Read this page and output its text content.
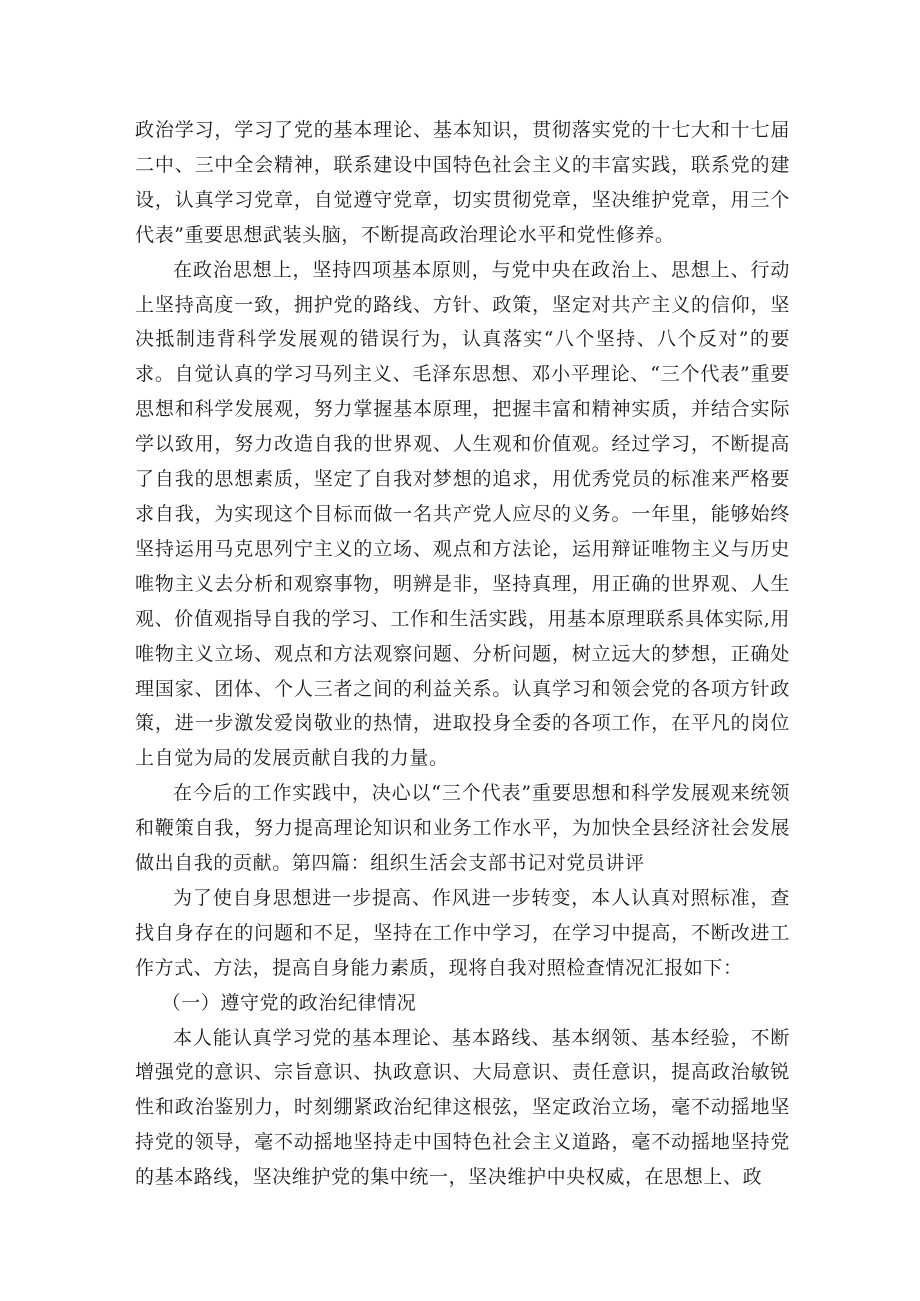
政治学习，学习了党的基本理论、基本知识，贯彻落实党的十七大和十七届二中、三中全会精神，联系建设中国特色社会主义的丰富实践，联系党的建设，认真学习党章，自觉遵守党章，切实贯彻党章，坚决维护党章，用三个代表”重要思想武装头脑，不断提高政治理论水平和党性修养。

在政治思想上，坚持四项基本原则，与党中央在政治上、思想上、行动上坚持高度一致，拥护党的路线、方针、政策，坚定对共产主义的信仰，坚决抵制违背科学发展观的错误行为，认真落实“八个坚持、八个反对”的要求。自觉认真的学习马列主义、毛泽东思想、邓小平理论、“三个代表”重要思想和科学发展观，努力掌握基本原理，把握丰富和精神实质，并结合实际学以致用，努力改造自我的世界观、人生观和价值观。经过学习，不断提高了自我的思想素质，坚定了自我对梦想的追求，用优秀党员的标准来严格要求自我，为实现这个目标而做一名共产党人应尽的义务。一年里，能够始终坚持运用马克思列宁主义的立场、观点和方法论，运用辩证唯物主义与历史唯物主义去分析和观察事物，明辨是非，坚持真理，用正确的世界观、人生观、价值观指导自我的学习、工作和生活实践，用基本原理联系具体实际,用唯物主义立场、观点和方法观察问题、分析问题，树立远大的梦想，正确处理国家、团体、个人三者之间的利益关系。认真学习和领会党的各项方针政策，进一步激发爱岗敬业的热情，进取投身全委的各项工作，在平凡的岗位上自觉为局的发展贡献自我的力量。

在今后的工作实践中，决心以“三个代表”重要思想和科学发展观来统领和鞭策自我，努力提高理论知识和业务工作水平，为加快全县经济社会发展做出自我的贡献。第四篇：组织生活会支部书记对党员讲评

为了使自身思想进一步提高、作风进一步转变，本人认真对照标准，查找自身存在的问题和不足，坚持在工作中学习，在学习中提高，不断改进工作方式、方法，提高自身能力素质，现将自我对照检查情况汇报如下：

（一）遵守党的政治纪律情况

本人能认真学习党的基本理论、基本路线、基本纲领、基本经验，不断增强党的意识、宗旨意识、执政意识、大局意识、责任意识，提高政治敏锐性和政治鉴别力，时刻绷紧政治纪律这根弦，坚定政治立场，毫不动摇地坚持党的领导，毫不动摇地坚持走中国特色社会主义道路，毫不动摇地坚持党的基本路线，坚决维护党的集中统一，坚决维护中央权威，在思想上、政
